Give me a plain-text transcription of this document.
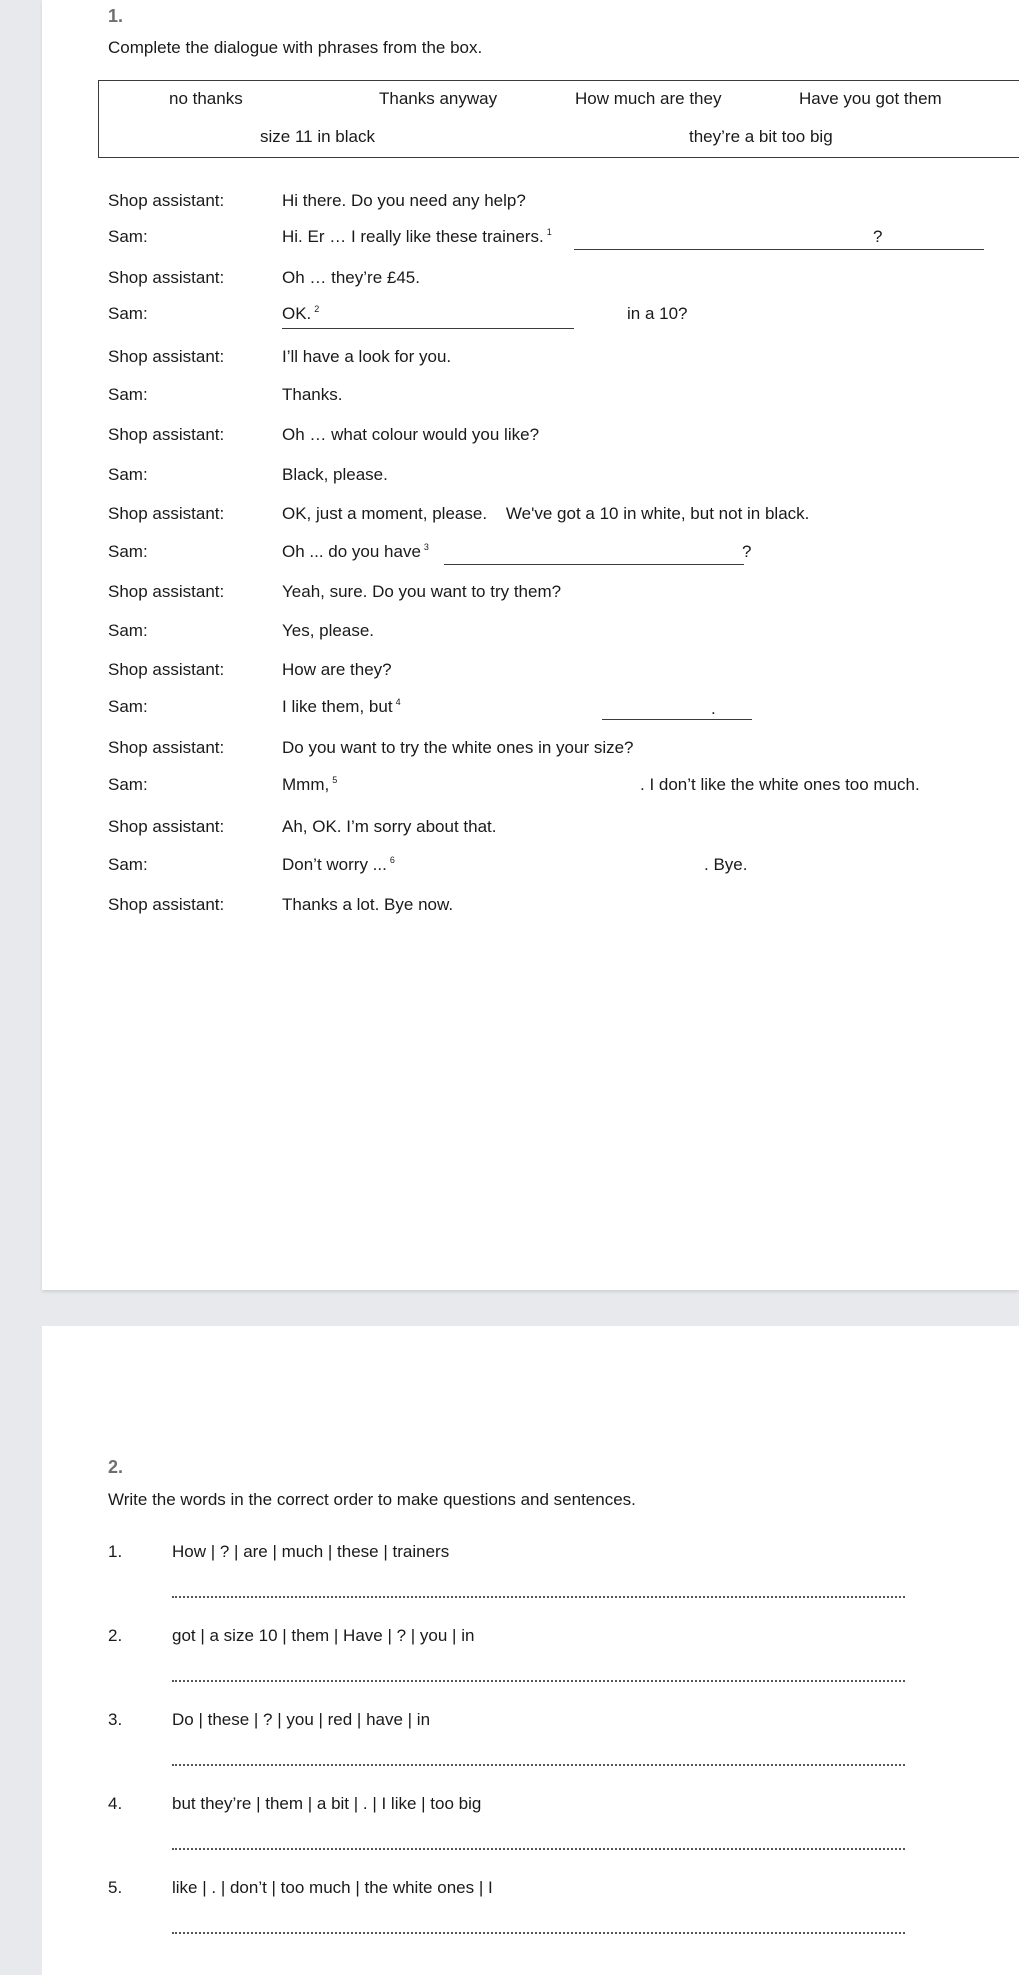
1.
Complete the dialogue with phrases from the box.
no thanks	Thanks anyway	How much are they	Have you got them
size 11 in black	they’re a bit too big
Shop assistant:	Hi there. Do you need any help?
Sam:	Hi. Er … I really like these trainers. $^1$	?
Shop assistant:	Oh … they’re £45.
Sam:	OK. $^2$	in a 10?
Shop assistant:	I’ll have a look for you.
Sam:	Thanks.
Shop assistant:	Oh … what colour would you like?
Sam:	Black, please.
Shop assistant:	OK, just a moment, please.    We've got a 10 in white, but not in black.
Sam:	Oh ... do you have $^3$	?
Shop assistant:	Yeah, sure. Do you want to try them?
Sam:	Yes, please.
Shop assistant:	How are they?
Sam:	I like them, but $^4$	.
Shop assistant:	Do you want to try the white ones in your size?
Sam:	Mmm, $^5$	. I don’t like the white ones too much.
Shop assistant:	Ah, OK. I’m sorry about that.
Sam:	Don’t worry ... $^6$	. Bye.
Shop assistant:	Thanks a lot. Bye now.
2.
Write the words in the correct order to make questions and sentences.
1.	How | ? | are | much | these | trainers
2.	got | a size 10 | them | Have | ? | you | in
3.	Do | these | ? | you | red | have | in
4.	but they’re | them | a bit | . | I like | too big
5.	like | . | don’t | too much | the white ones | I
